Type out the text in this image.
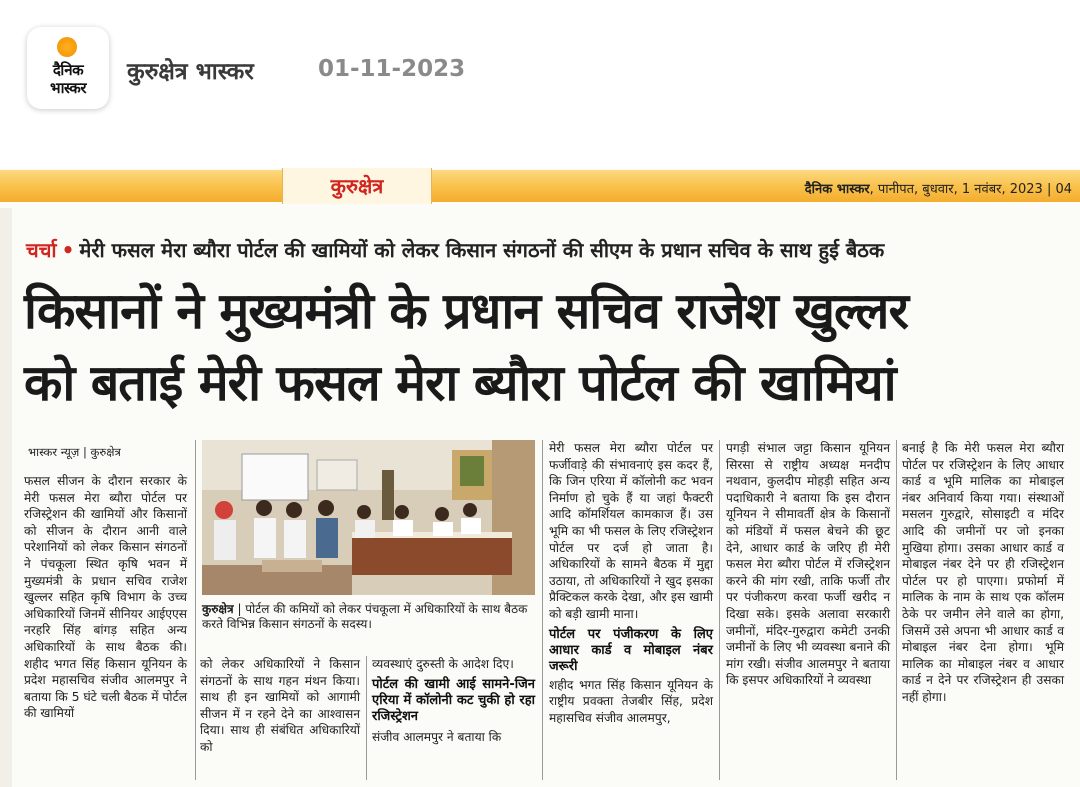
दैनिक
भास्कर
कुरुक्षेत्र भास्कर	01-11-2023
कुरुक्षेत्र	दैनिक भास्कर, पानीपत, बुधवार, 1 नवंबर, 2023 | 04
चर्चा • मेरी फसल मेरा ब्यौरा पोर्टल की खामियों को लेकर किसान संगठनों की सीएम के प्रधान सचिव के साथ हुई बैठक
किसानों ने मुख्यमंत्री के प्रधान सचिव राजेश खुल्लर
को बताई मेरी फसल मेरा ब्यौरा पोर्टल की खामियां
भास्कर न्यूज़ | कुरुक्षेत्र
फसल सीजन के दौरान सरकार के मेरी फसल मेरा ब्यौरा पोर्टल पर रजिस्ट्रेशन की खामियों और किसानों को सीजन के दौरान आनी वाले परेशानियों को लेकर किसान संगठनों ने पंचकूला स्थित कृषि भवन में मुख्यमंत्री के प्रधान सचिव राजेश खुल्लर सहित कृषि विभाग के उच्च अधिकारियों जिनमें सीनियर आईएएस नरहरि सिंह बांगड़ सहित अन्य अधिकारियों के साथ बैठक की। शहीद भगत सिंह किसान यूनियन के प्रदेश महासचिव संजीव आलमपुर ने बताया कि 5 घंटे चली बैठक में पोर्टल की खामियों
कुरुक्षेत्र | पोर्टल की कमियों को लेकर पंचकूला में अधिकारियों के साथ बैठक करते विभिन्न किसान संगठनों के सदस्य।
को लेकर अधिकारियों ने किसान संगठनों के साथ गहन मंथन किया। साथ ही इन खामियों को आगामी सीजन में न रहने देने का आश्वासन दिया। साथ ही संबंधित अधिकारियों को
व्यवस्थाएं दुरुस्ती के आदेश दिए।
पोर्टल की खामी आई सामने-जिन एरिया में कॉलोनी कट चुकी हो रहा रजिस्ट्रेशन
संजीव आलमपुर ने बताया कि
मेरी फसल मेरा ब्यौरा पोर्टल पर फर्जीवाड़े की संभावनाएं इस कदर हैं, कि जिन एरिया में कॉलोनी कट भवन निर्माण हो चुके हैं या जहां फैक्टरी आदि कॉमर्शियल कामकाज हैं। उस भूमि का भी फसल के लिए रजिस्ट्रेशन पोर्टल पर दर्ज हो जाता है। अधिकारियों के सामने बैठक में मुद्दा उठाया, तो अधिकारियों ने खुद इसका प्रैक्टिकल करके देखा, और इस खामी को बड़ी खामी माना।
पोर्टल पर पंजीकरण के लिए आधार कार्ड व मोबाइल नंबर जरूरी
शहीद भगत सिंह किसान यूनियन के राष्ट्रीय प्रवक्ता तेजबीर सिंह, प्रदेश महासचिव संजीव आलमपुर,
पगड़ी संभाल जट्टा किसान यूनियन सिरसा से राष्ट्रीय अध्यक्ष मनदीप नथवान, कुलदीप मोहड़ी सहित अन्य पदाधिकारी ने बताया कि इस दौरान यूनियन ने सीमावर्ती क्षेत्र के किसानों को मंडियों में फसल बेचने की छूट देने, आधार कार्ड के जरिए ही मेरी फसल मेरा ब्यौरा पोर्टल में रजिस्ट्रेशन करने की मांग रखी, ताकि फर्जी तौर पर पंजीकरण करवा फर्जी खरीद न दिखा सके। इसके अलावा सरकारी जमीनों, मंदिर-गुरुद्वारा कमेटी उनकी जमीनों के लिए भी व्यवस्था बनाने की मांग रखी। संजीव आलमपुर ने बताया कि इसपर अधिकारियों ने व्यवस्था
बनाई है कि मेरी फसल मेरा ब्यौरा पोर्टल पर रजिस्ट्रेशन के लिए आधार कार्ड व भूमि मालिक का मोबाइल नंबर अनिवार्य किया गया। संस्थाओं मसलन गुरुद्वारे, सोसाइटी व मंदिर आदि की जमीनों पर जो इनका मुखिया होगा। उसका आधार कार्ड व मोबाइल नंबर देने पर ही रजिस्ट्रेशन पोर्टल पर हो पाएगा। प्रफोर्मा में मालिक के नाम के साथ एक कॉलम ठेके पर जमीन लेने वाले का होगा, जिसमें उसे अपना भी आधार कार्ड व मोबाइल नंबर देना होगा। भूमि मालिक का मोबाइल नंबर व आधार कार्ड न देने पर रजिस्ट्रेशन ही उसका नहीं होगा।
